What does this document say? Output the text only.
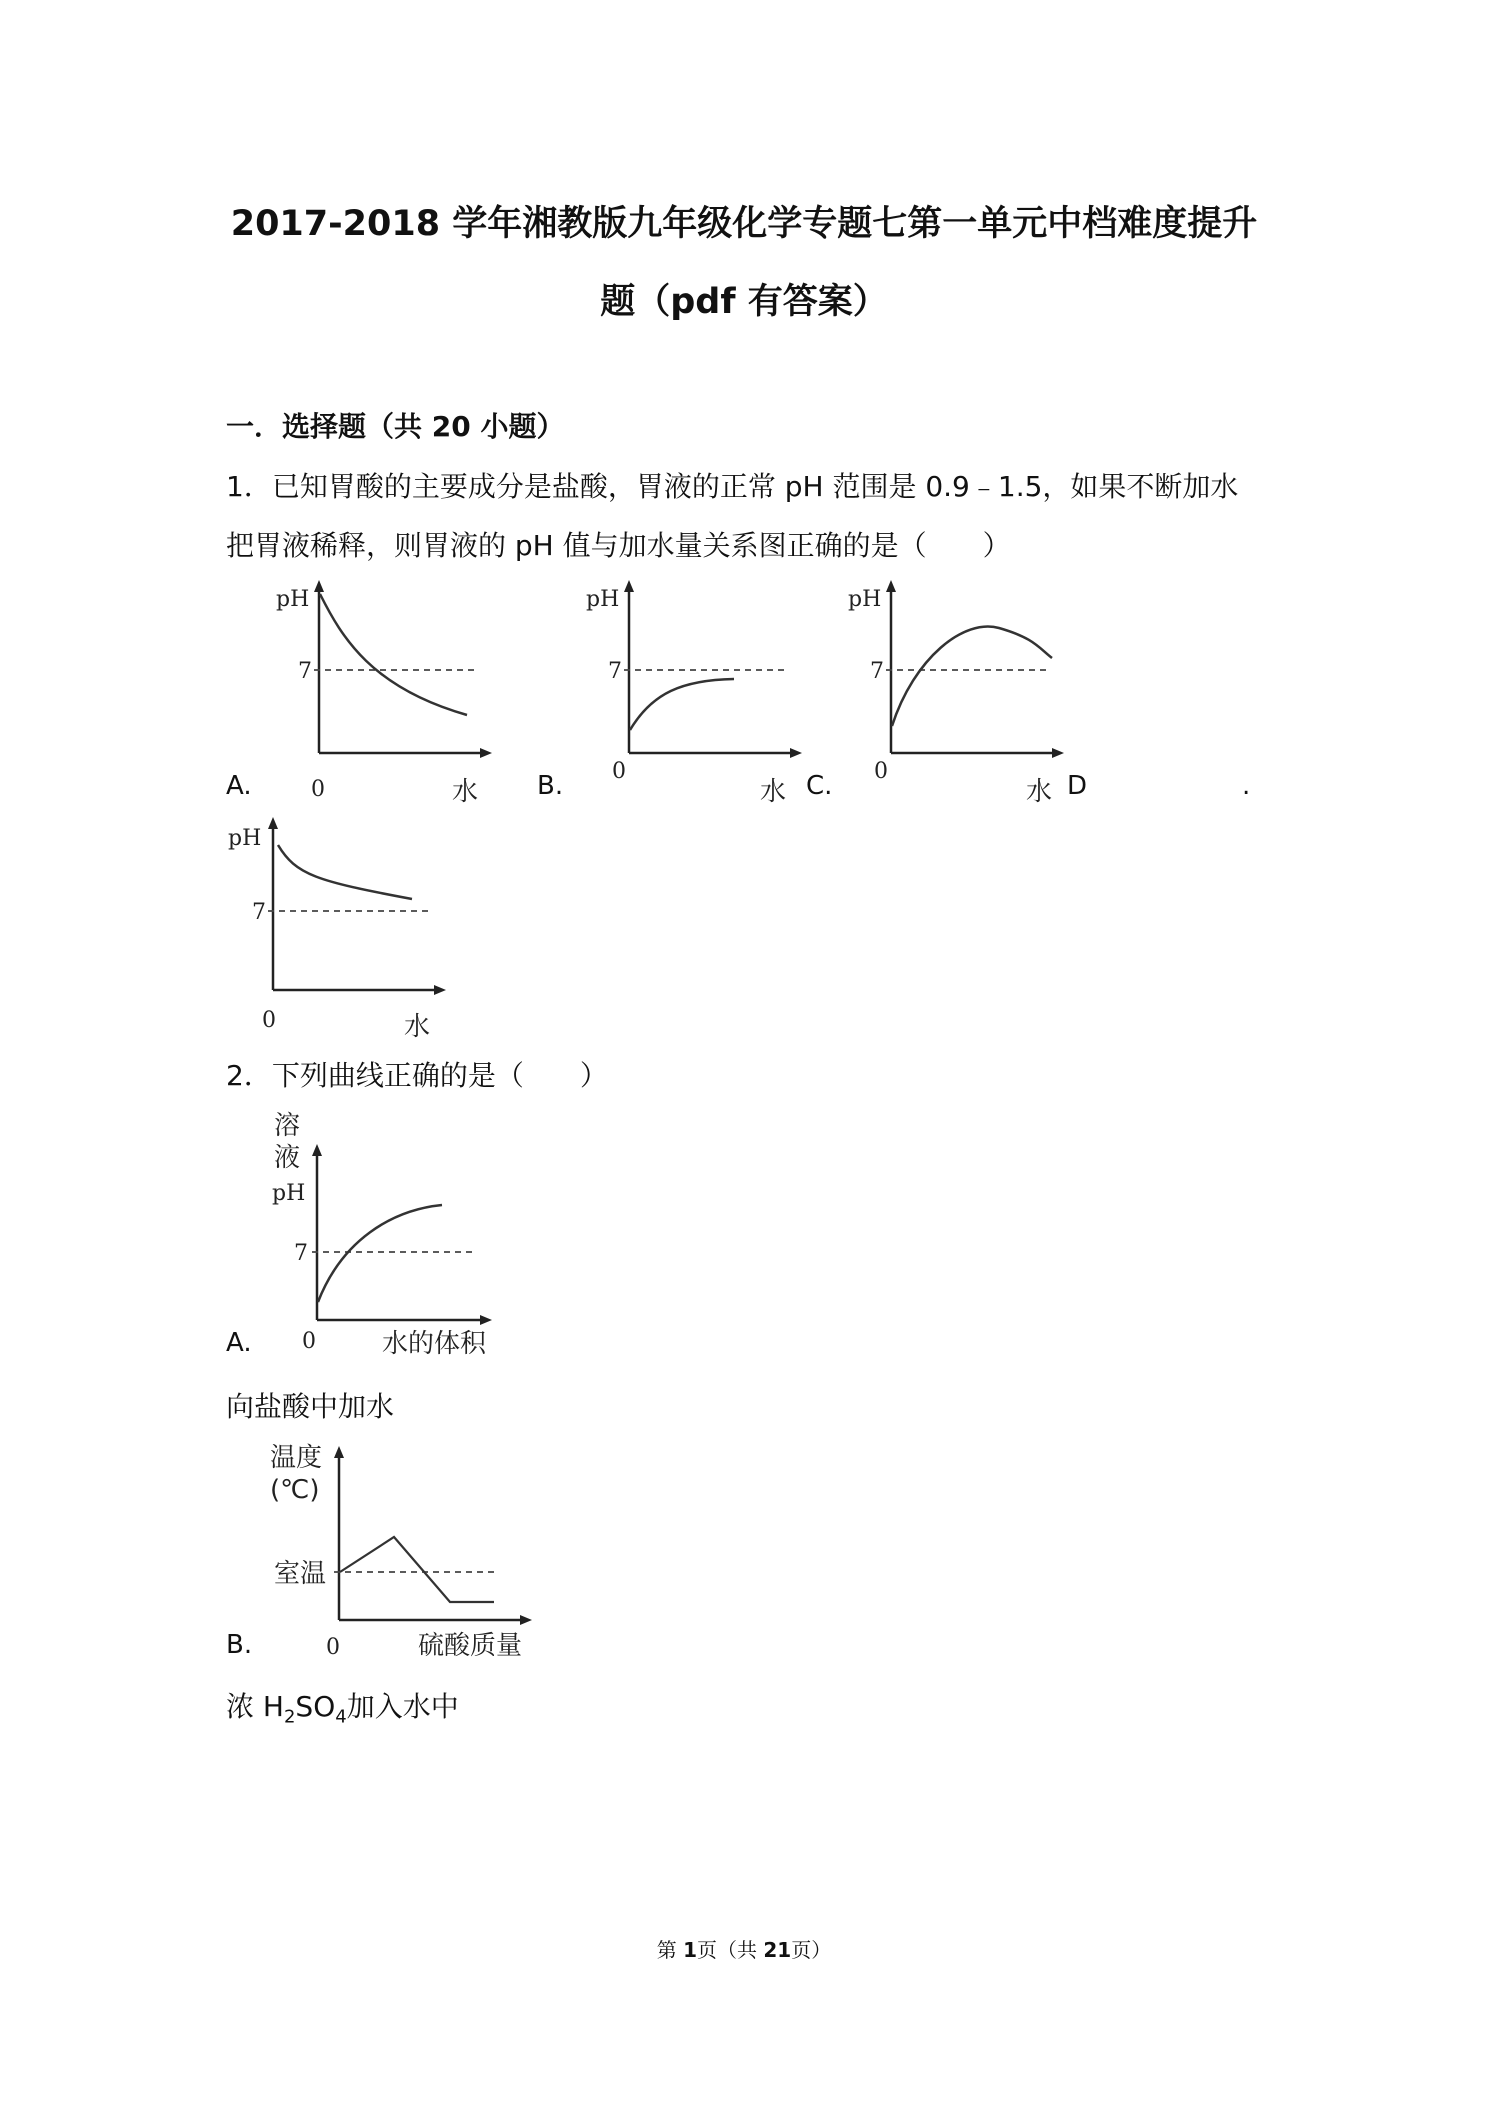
2017-2018 学年湘教版九年级化学专题七第一单元中档难度提升
题（pdf 有答案）
一．选择题（共 20 小题）
1．已知胃酸的主要成分是盐酸，胃液的正常 pH 范围是 0.9﹣1.5，如果不断加水
把胃液稀释，则胃液的 pH 值与加水量关系图正确的是（　　）
pH
7
0	水
A.
pH
7
0
水
B.
pH
7
0
水
C.	D	.
pH
7
0	水
2．下列曲线正确的是（　　）
溶
液
pH
7
0	水的体积
A.
向盐酸中加水
温度
(℃)
室温
0	硫酸质量
B.
浓 $H_2SO_4$加入水中
第 1页（共 21页）
